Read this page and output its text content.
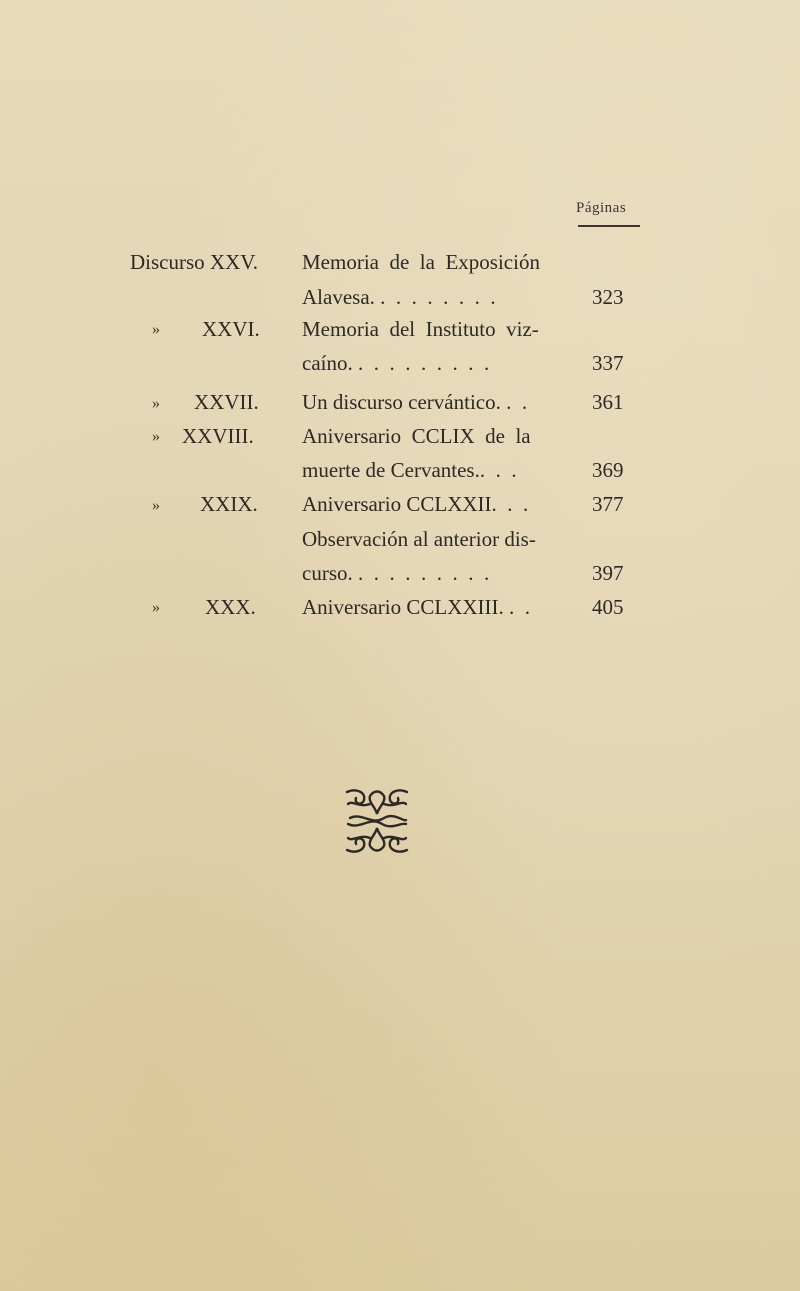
Páginas
Discurso XXV. Memoria  de  la  Exposición
Alavesa. .  .  .  .  .  .  .  .	323
» XXVI. Memoria  del  Instituto  viz-
caíno. .  .  .  .  .  .  .  .  .	337
» XXVII. Un discurso cervántico. .  .	361
» XXVIII. Aniversario  CCLIX  de  la
muerte de Cervantes..  .  .	369
» XXIX. Aniversario CCLXXII.  .  .	377
Observación al anterior dis-
curso. .  .  .  .  .  .  .  .  .	397
» XXX. Aniversario CCLXXIII. .  .	405
